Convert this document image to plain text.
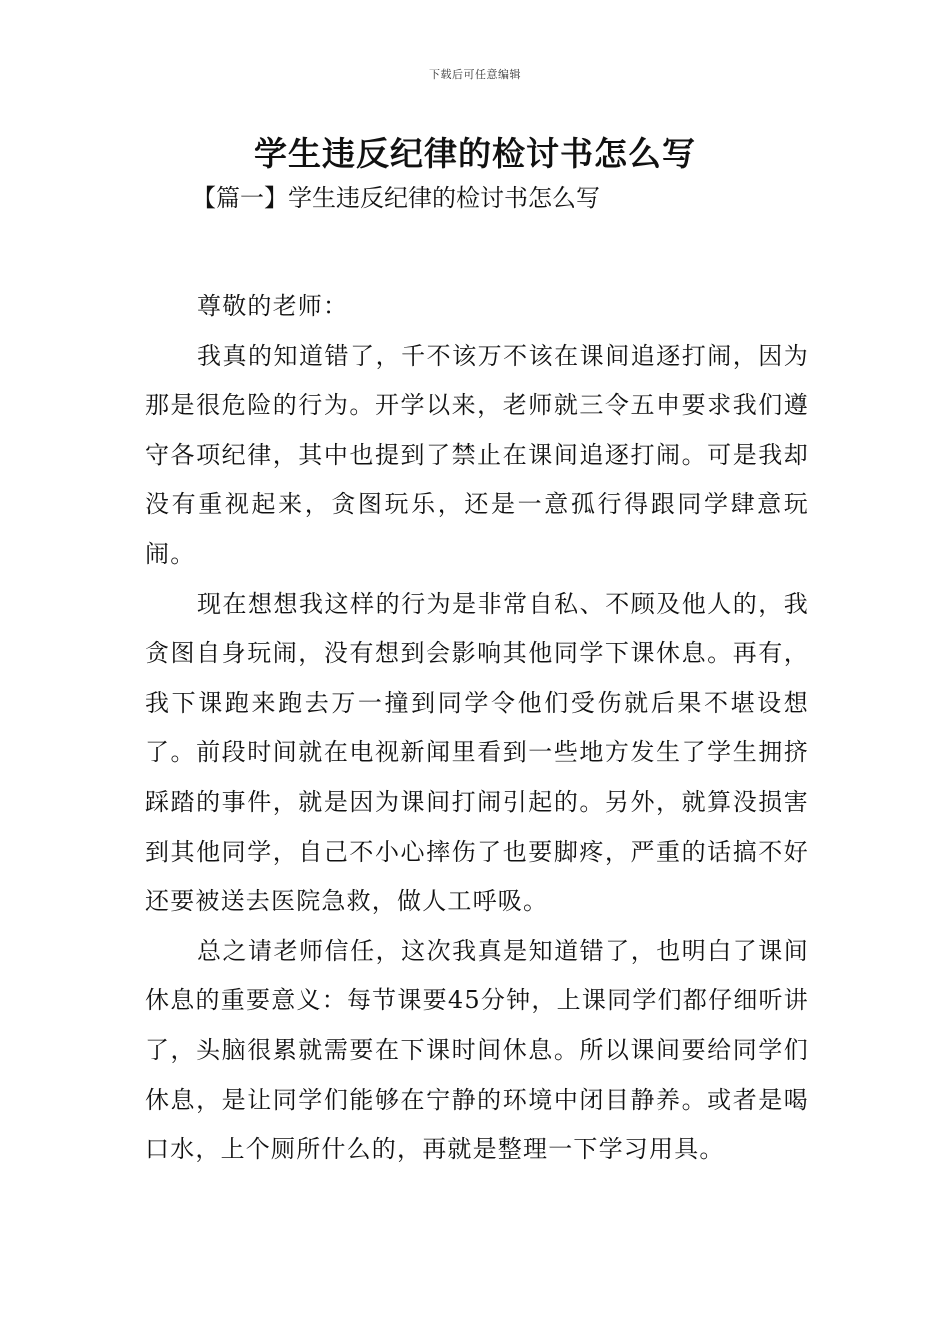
下载后可任意编辑
学生违反纪律的检讨书怎么写
【篇一】学生违反纪律的检讨书怎么写

尊敬的老师：

我真的知道错了，千不该万不该在课间追逐打闹，因为那是很危险的行为。开学以来，老师就三令五申要求我们遵守各项纪律，其中也提到了禁止在课间追逐打闹。可是我却没有重视起来，贪图玩乐，还是一意孤行得跟同学肆意玩闹。

现在想想我这样的行为是非常自私、不顾及他人的，我贪图自身玩闹，没有想到会影响其他同学下课休息。再有，我下课跑来跑去万一撞到同学令他们受伤就后果不堪设想了。前段时间就在电视新闻里看到一些地方发生了学生拥挤踩踏的事件，就是因为课间打闹引起的。另外，就算没损害到其他同学，自己不小心摔伤了也要脚疼，严重的话搞不好还要被送去医院急救，做人工呼吸。

总之请老师信任，这次我真是知道错了，也明白了课间休息的重要意义：每节课要45分钟，上课同学们都仔细听讲了，头脑很累就需要在下课时间休息。所以课间要给同学们休息，是让同学们能够在宁静的环境中闭目静养。或者是喝口水，上个厕所什么的，再就是整理一下学习用具。
